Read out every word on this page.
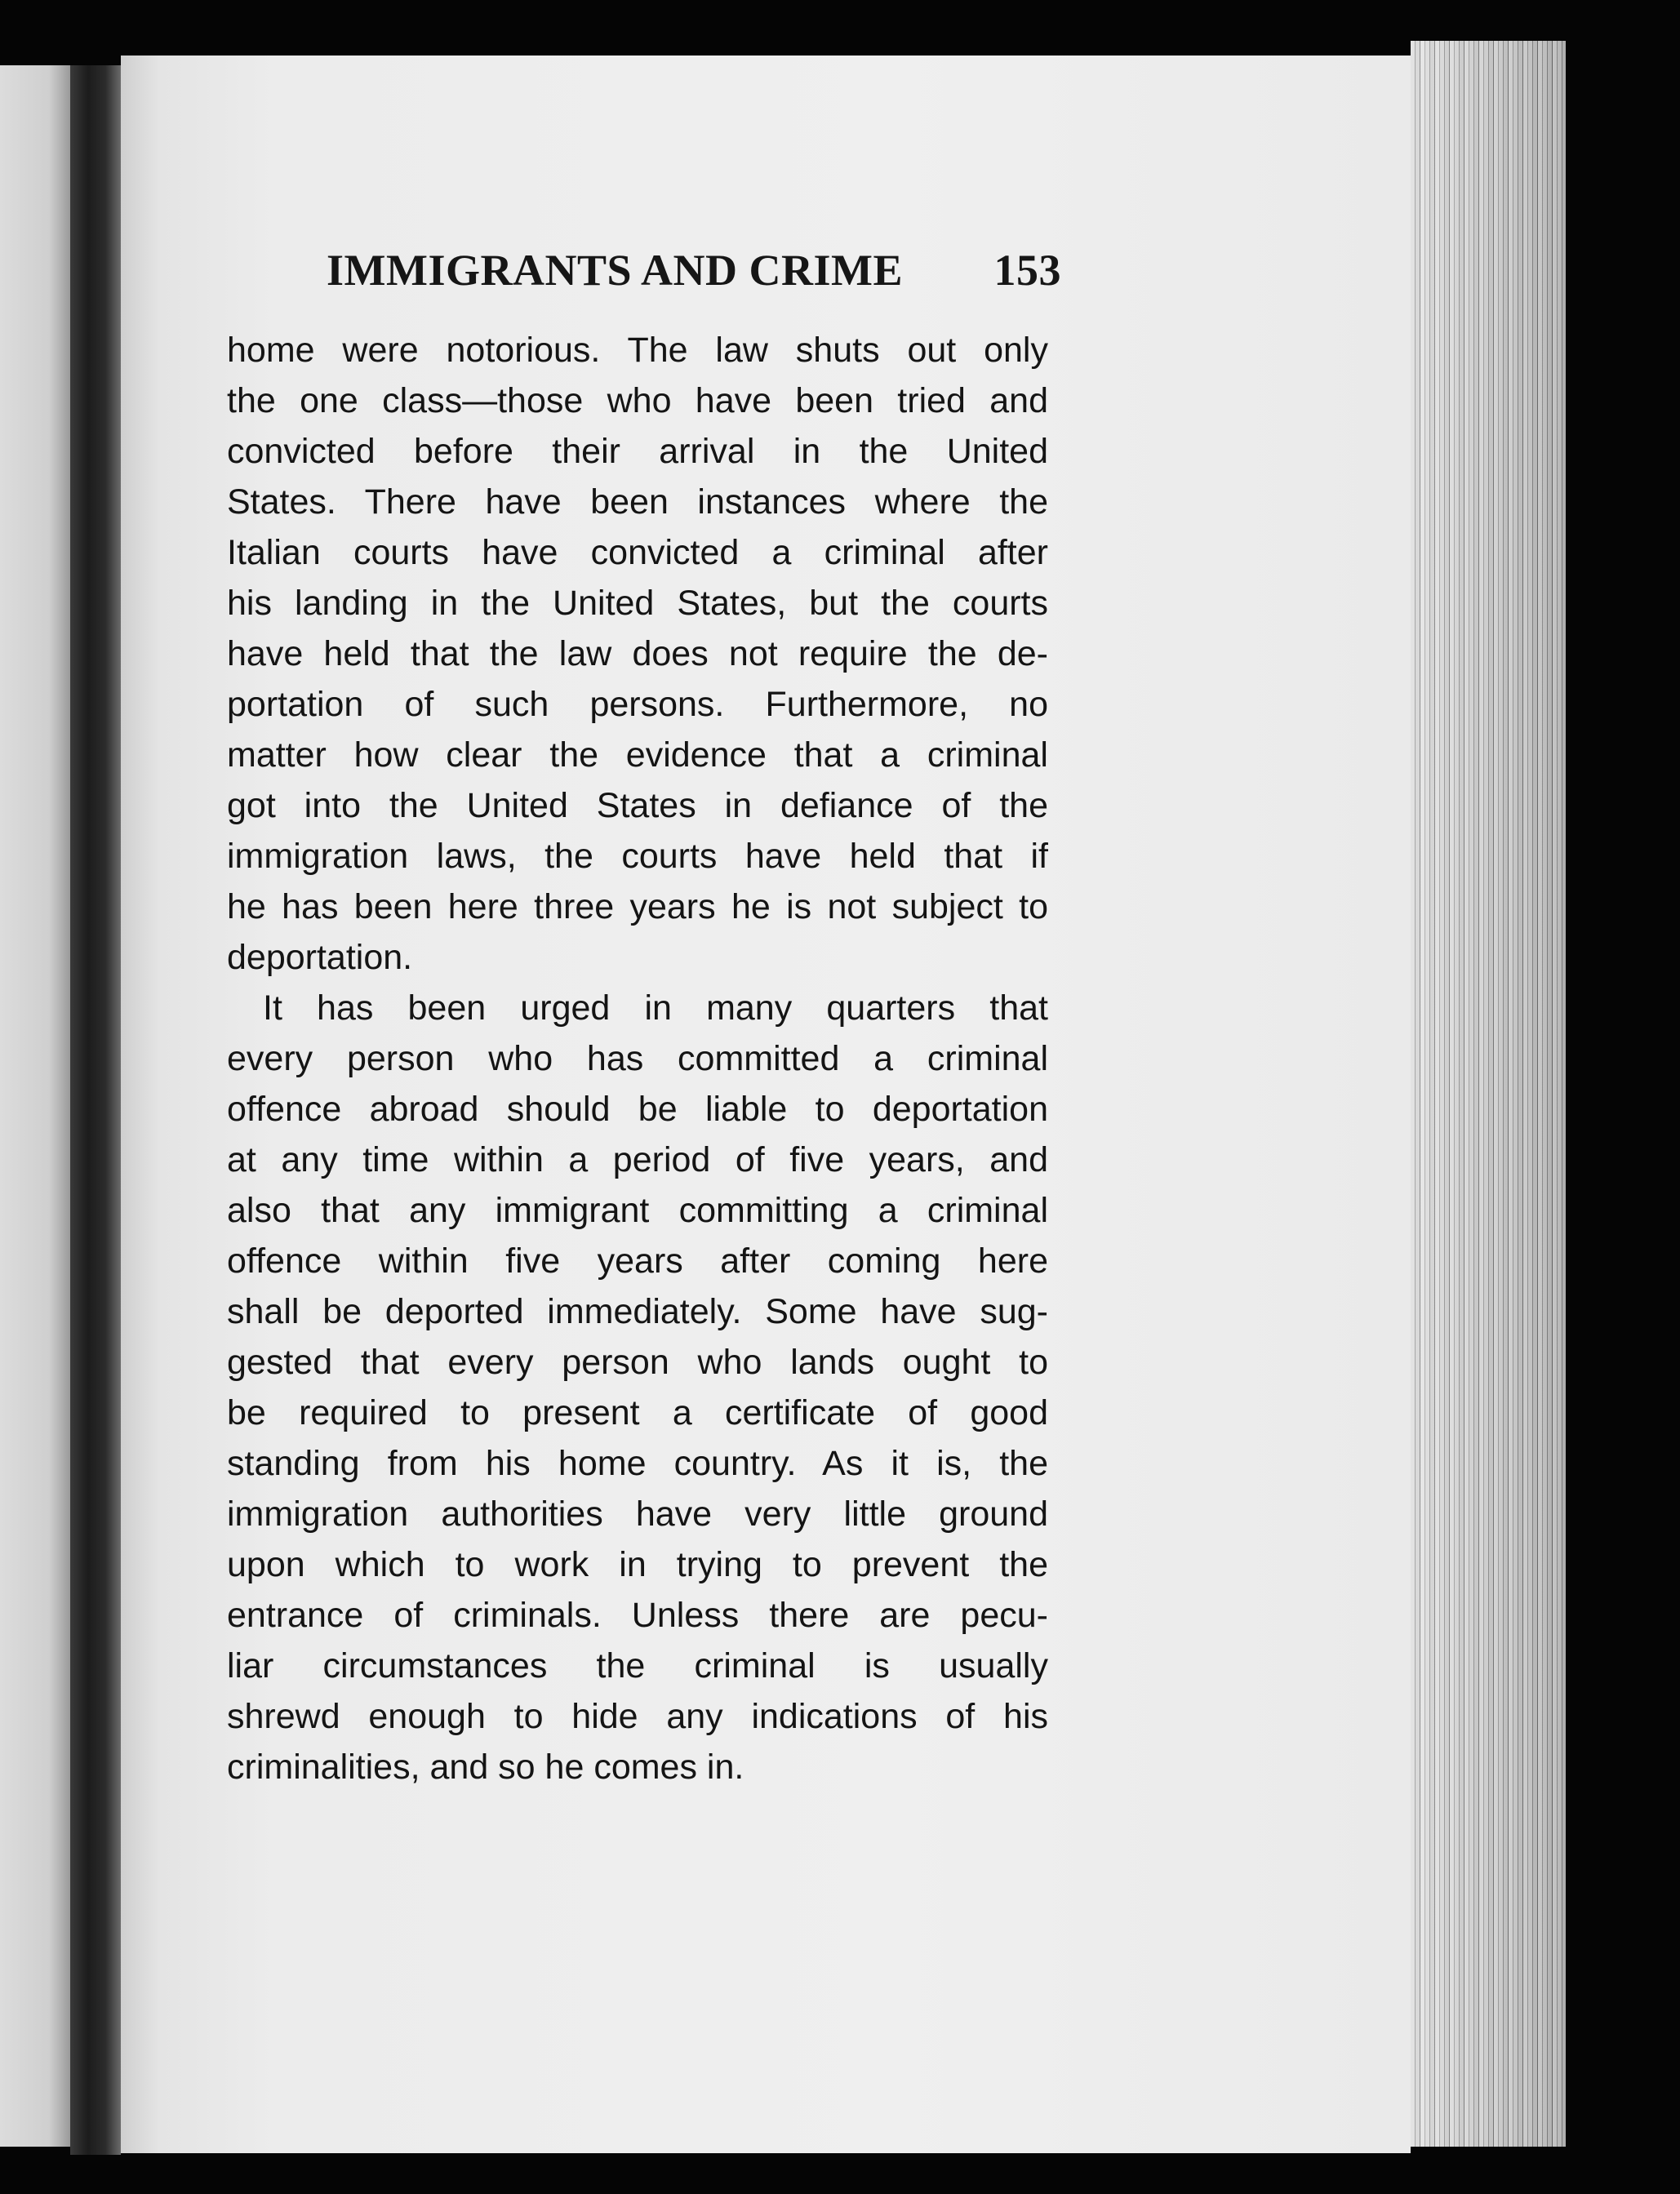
IMMIGRANTS AND CRIME 153
home were notorious. The law shuts out only
the one class—those who have been tried and
convicted before their arrival in the United
States. There have been instances where the
Italian courts have convicted a criminal after
his landing in the United States, but the courts
have held that the law does not require the de-
portation of such persons. Furthermore, no
matter how clear the evidence that a criminal
got into the United States in defiance of the
immigration laws, the courts have held that if
he has been here three years he is not subject to
deportation.
It has been urged in many quarters that
every person who has committed a criminal
offence abroad should be liable to deportation
at any time within a period of five years, and
also that any immigrant committing a criminal
offence within five years after coming here
shall be deported immediately. Some have sug-
gested that every person who lands ought to
be required to present a certificate of good
standing from his home country. As it is, the
immigration authorities have very little ground
upon which to work in trying to prevent the
entrance of criminals. Unless there are pecu-
liar circumstances the criminal is usually
shrewd enough to hide any indications of his
criminalities, and so he comes in.
